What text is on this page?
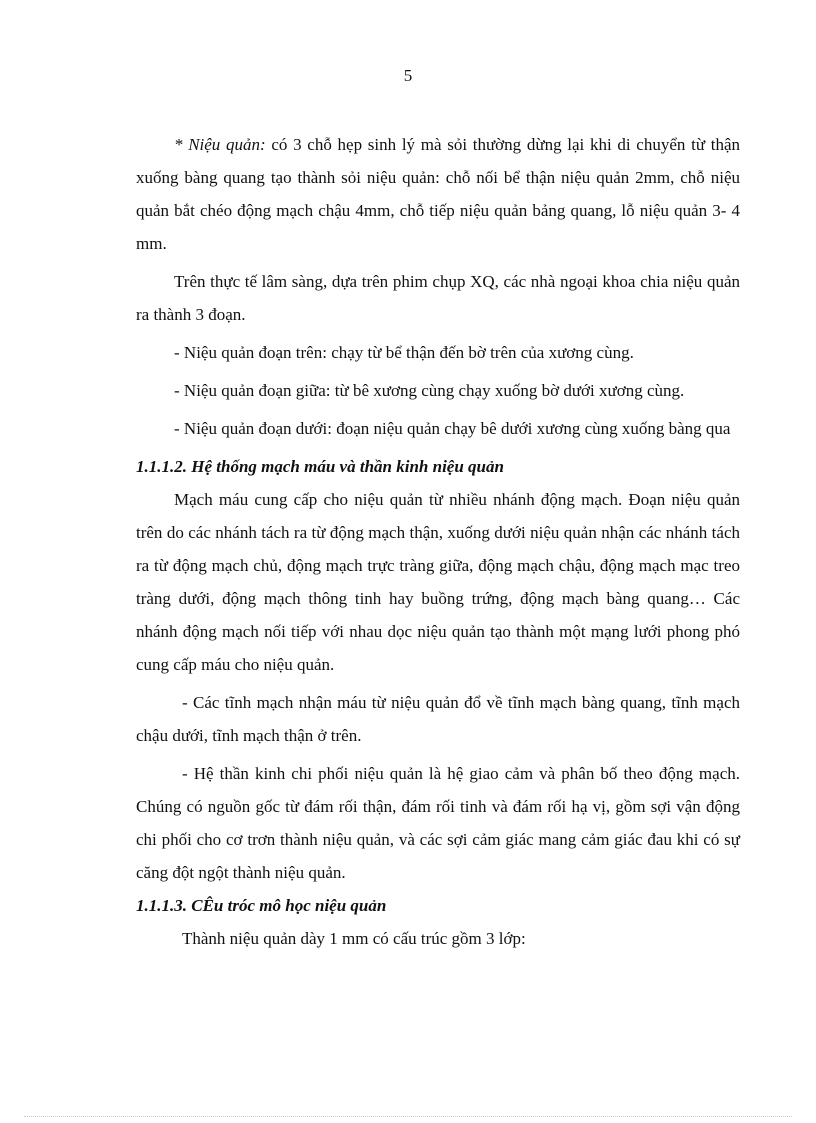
5

* Niệu quản: có 3 chỗ hẹp sinh lý mà sỏi thường dừng lại khi di chuyển từ thận xuống bàng quang tạo thành sỏi niệu quản: chỗ nối bể thận niệu quản 2mm, chỗ niệu quản bắt chéo động mạch chậu 4mm, chỗ tiếp niệu quản bảng quang, lỗ niệu quản 3- 4 mm.

Trên thực tế lâm sàng, dựa trên phim chụp XQ, các nhà ngoại khoa chia niệu quản ra thành 3 đoạn.

- Niệu quản đoạn trên: chạy từ bể thận đến bờ trên của xương cùng.

- Niệu quản đoạn giữa: từ bê xương cùng chạy xuống bờ dưới xương cùng.

- Niệu quản đoạn dưới: đoạn niệu quản chạy bê dưới xương cùng xuống bàng qua

1.1.1.2. Hệ thống mạch máu và thần kinh niệu quản

Mạch máu cung cấp cho niệu quản từ nhiều nhánh động mạch. Đoạn niệu quản trên do các nhánh tách ra từ động mạch thận, xuống dưới niệu quản nhận các nhánh tách ra từ động mạch chủ, động mạch trực tràng giữa, động mạch chậu, động mạch mạc treo tràng dưới, động mạch thông tinh hay buồng trứng, động mạch bàng quang… Các nhánh động mạch nối tiếp với nhau dọc niệu quản tạo thành một mạng lưới phong phó cung cấp máu cho niệu quản.

- Các tĩnh mạch nhận máu từ niệu quản đổ về tĩnh mạch bàng quang, tĩnh mạch chậu dưới, tĩnh mạch thận ở trên.

- Hệ thần kinh chi phối niệu quản là hệ giao cảm và phân bố theo động mạch. Chúng có nguồn gốc từ đám rối thận, đám rối tinh và đám rối hạ vị, gồm sợi vận động chi phối cho cơ trơn thành niệu quản, và các sợi cảm giác mang cảm giác đau khi có sự căng đột ngột thành niệu quản.

1.1.1.3. CÊu tróc mô học niệu quản

Thành niệu quản dày 1 mm có cấu trúc gồm 3 lớp:
